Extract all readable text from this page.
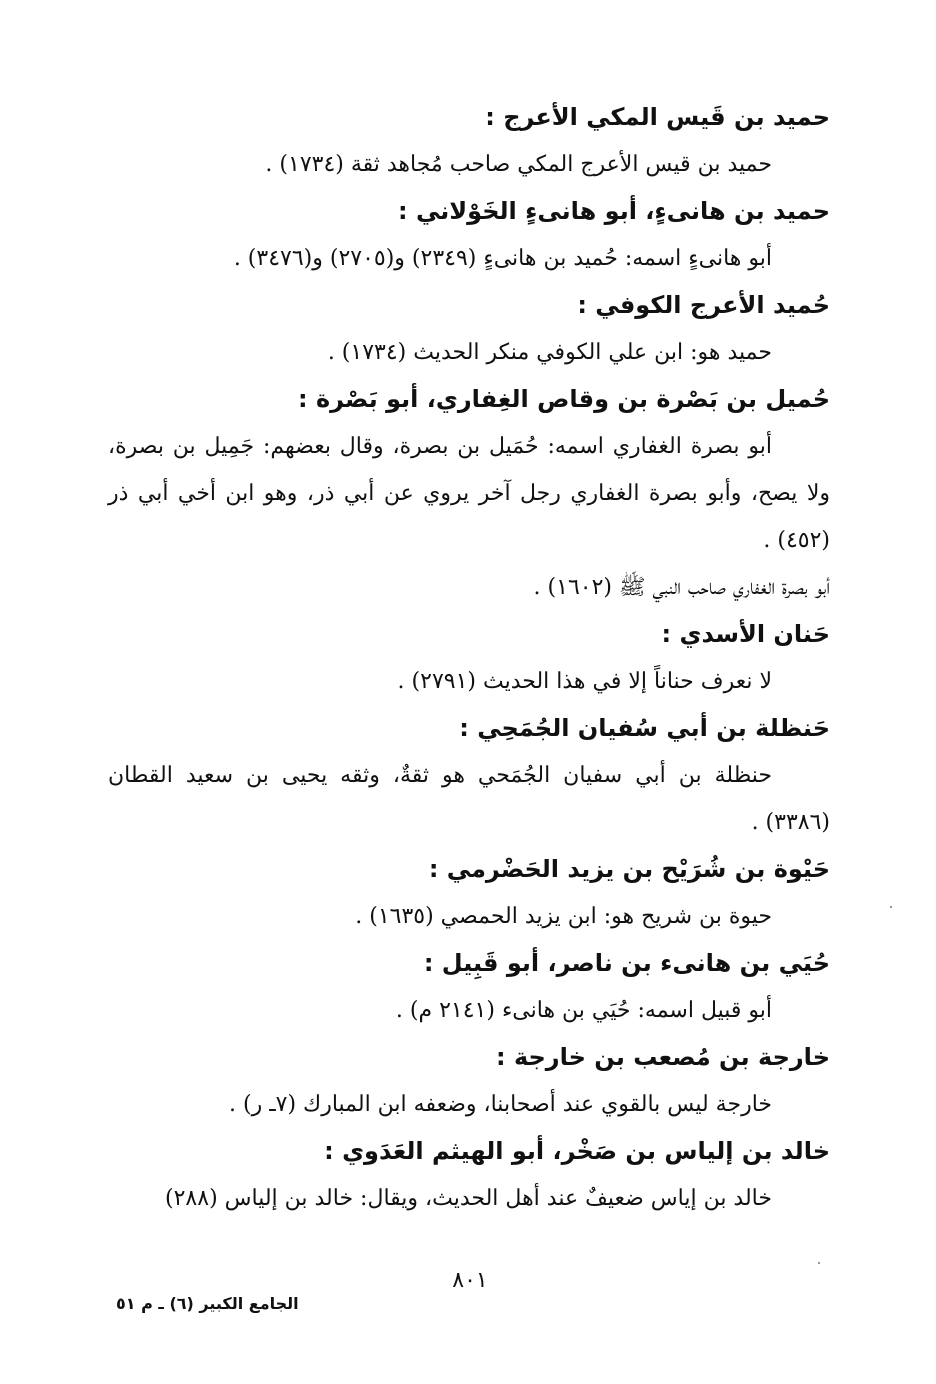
حميد بن قَيس المكي الأعرج :

حميد بن قيس الأعرج المكي صاحب مُجاهد ثقة (١٧٣٤) .

حميد بن هانىءٍ، أبو هانىءٍ الخَوْلاني :

أبو هانىءٍ اسمه: حُميد بن هانىءٍ (٢٣٤٩) و(٢٧٠٥) و(٣٤٧٦) .

حُميد الأعرج الكوفي :

حميد هو: ابن علي الكوفي منكر الحديث (١٧٣٤) .

حُميل بن بَصْرة بن وقاص الغِفاري، أبو بَصْرة :

أبو بصرة الغفاري اسمه: حُمَيل بن بصرة، وقال بعضهم: جَمِيل بن بصرة، ولا يصح، وأبو بصرة الغفاري رجل آخر يروي عن أبي ذر، وهو ابن أخي أبي ذر (٤٥٢) .

أبو بصرة الغفاري صاحب النبي ﷺ (١٦٠٢) .

حَنان الأسدي :

لا نعرف حناناً إلا في هذا الحديث (٢٧٩١) .

حَنظلة بن أبي سُفيان الجُمَحِي :

حنظلة بن أبي سفيان الجُمَحي هو ثقةٌ، وثقه يحيى بن سعيد القطان (٣٣٨٦) .

حَيْوة بن شُرَيْح بن يزيد الحَضْرمي :

حيوة بن شريح هو: ابن يزيد الحمصي (١٦٣٥) .

حُيَي بن هانىء بن ناصر، أبو قَبِيل :

أبو قبيل اسمه: حُيَي بن هانىء (٢١٤١ م) .

خارجة بن مُصعب بن خارجة :

خارجة ليس بالقوي عند أصحابنا، وضعفه ابن المبارك (٧ـ ر) .

خالد بن إلياس بن صَخْر، أبو الهيثم العَدَوي :

خالد بن إياس ضعيفٌ عند أهل الحديث، ويقال: خالد بن إلياس (٢٨٨)

٨٠١
الجامع الكبير (٦) ـ م ٥١
